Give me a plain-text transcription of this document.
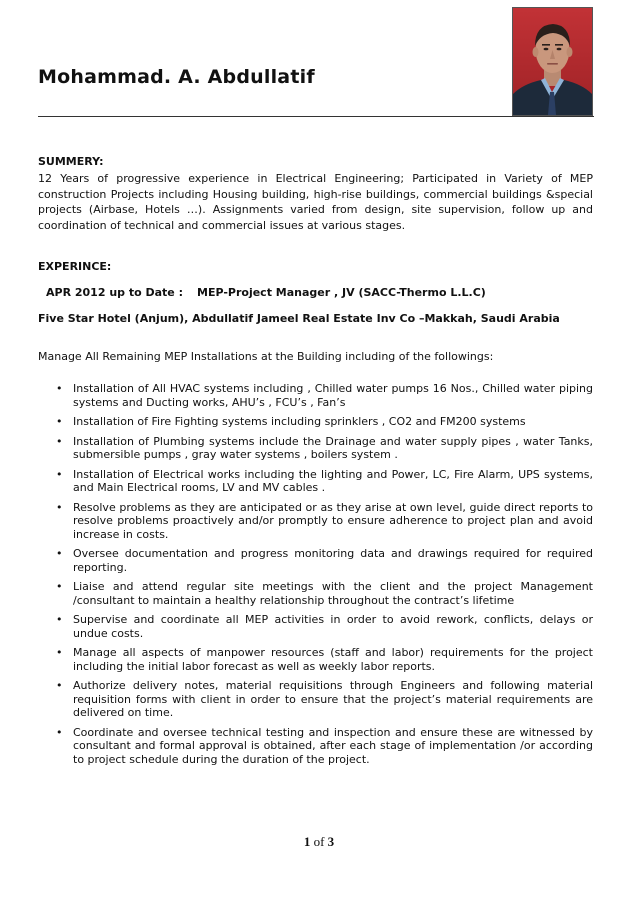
Mohammad. A. Abdullatif
SUMMERY:

12 Years of progressive experience in Electrical Engineering; Participated in Variety of MEP construction Projects including Housing building, high-rise buildings, commercial buildings &special projects (Airbase, Hotels …). Assignments varied from design, site supervision, follow up and coordination of technical and commercial issues at various stages.

EXPERINCE:
APR 2012 up to Date : MEP-Project Manager , JV (SACC-Thermo L.L.C)
Five Star Hotel (Anjum), Abdullatif Jameel Real Estate Inv Co –Makkah, Saudi Arabia
Manage All Remaining MEP Installations at the Building including of the followings:
• Installation of All HVAC systems including , Chilled water pumps 16 Nos., Chilled water piping systems and Ducting works, AHU’s , FCU’s , Fan’s
• Installation of Fire Fighting systems including sprinklers , CO2 and FM200 systems
• Installation of Plumbing systems include the Drainage and water supply pipes , water Tanks, submersible pumps , gray water systems , boilers system .
• Installation of Electrical works including the lighting and Power, LC, Fire Alarm, UPS systems, and Main Electrical rooms, LV and MV cables .
• Resolve problems as they are anticipated or as they arise at own level, guide direct reports to resolve problems proactively and/or promptly to ensure adherence to project plan and avoid increase in costs.
• Oversee documentation and progress monitoring data and drawings required for required reporting.
• Liaise and attend regular site meetings with the client and the project Management /consultant to maintain a healthy relationship throughout the contract’s lifetime
• Supervise and coordinate all MEP activities in order to avoid rework, conflicts, delays or undue costs.
• Manage all aspects of manpower resources (staff and labor) requirements for the project including the initial labor forecast as well as weekly labor reports.
• Authorize delivery notes, material requisitions through Engineers and following material requisition forms with client in order to ensure that the project’s material requirements are delivered on time.
• Coordinate and oversee technical testing and inspection and ensure these are witnessed by consultant and formal approval is obtained, after each stage of implementation /or according to project schedule during the duration of the project.
1 of 3
